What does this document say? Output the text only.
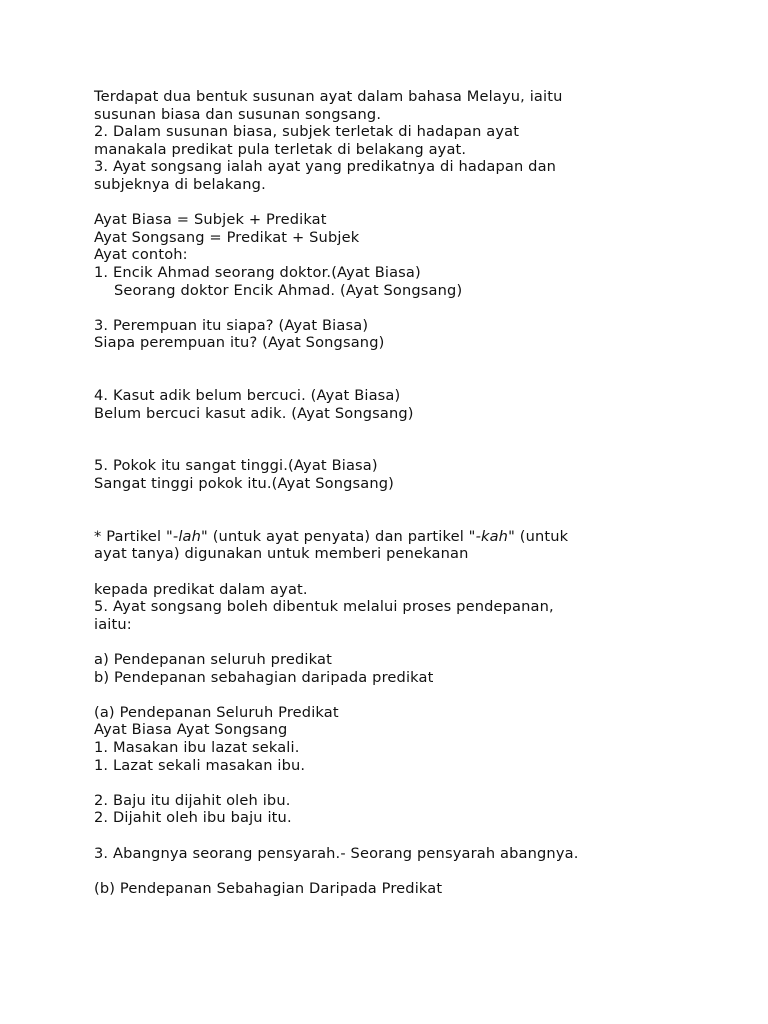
Terdapat dua bentuk susunan ayat dalam bahasa Melayu, iaitu
susunan biasa dan susunan songsang.
2. Dalam susunan biasa, subjek terletak di hadapan ayat
manakala predikat pula terletak di belakang ayat.
3. Ayat songsang ialah ayat yang predikatnya di hadapan dan
subjeknya di belakang.
Ayat Biasa = Subjek + Predikat
Ayat Songsang = Predikat + Subjek
Ayat contoh:
1. Encik Ahmad seorang doktor.(Ayat Biasa)
Seorang doktor Encik Ahmad. (Ayat Songsang)
3. Perempuan itu siapa? (Ayat Biasa)
Siapa perempuan itu? (Ayat Songsang)
4. Kasut adik belum bercuci. (Ayat Biasa)
Belum bercuci kasut adik. (Ayat Songsang)
5. Pokok itu sangat tinggi.(Ayat Biasa)
Sangat tinggi pokok itu.(Ayat Songsang)
* Partikel "-lah" (untuk ayat penyata) dan partikel "-kah" (untuk
ayat tanya) digunakan untuk memberi penekanan
kepada predikat dalam ayat.
5. Ayat songsang boleh dibentuk melalui proses pendepanan,
iaitu:
a) Pendepanan seluruh predikat
b) Pendepanan sebahagian daripada predikat
(a) Pendepanan Seluruh Predikat
Ayat Biasa Ayat Songsang
1. Masakan ibu lazat sekali.
1. Lazat sekali masakan ibu.
2. Baju itu dijahit oleh ibu.
2. Dijahit oleh ibu baju itu.
3. Abangnya seorang pensyarah.- Seorang pensyarah abangnya.
(b) Pendepanan Sebahagian Daripada Predikat
